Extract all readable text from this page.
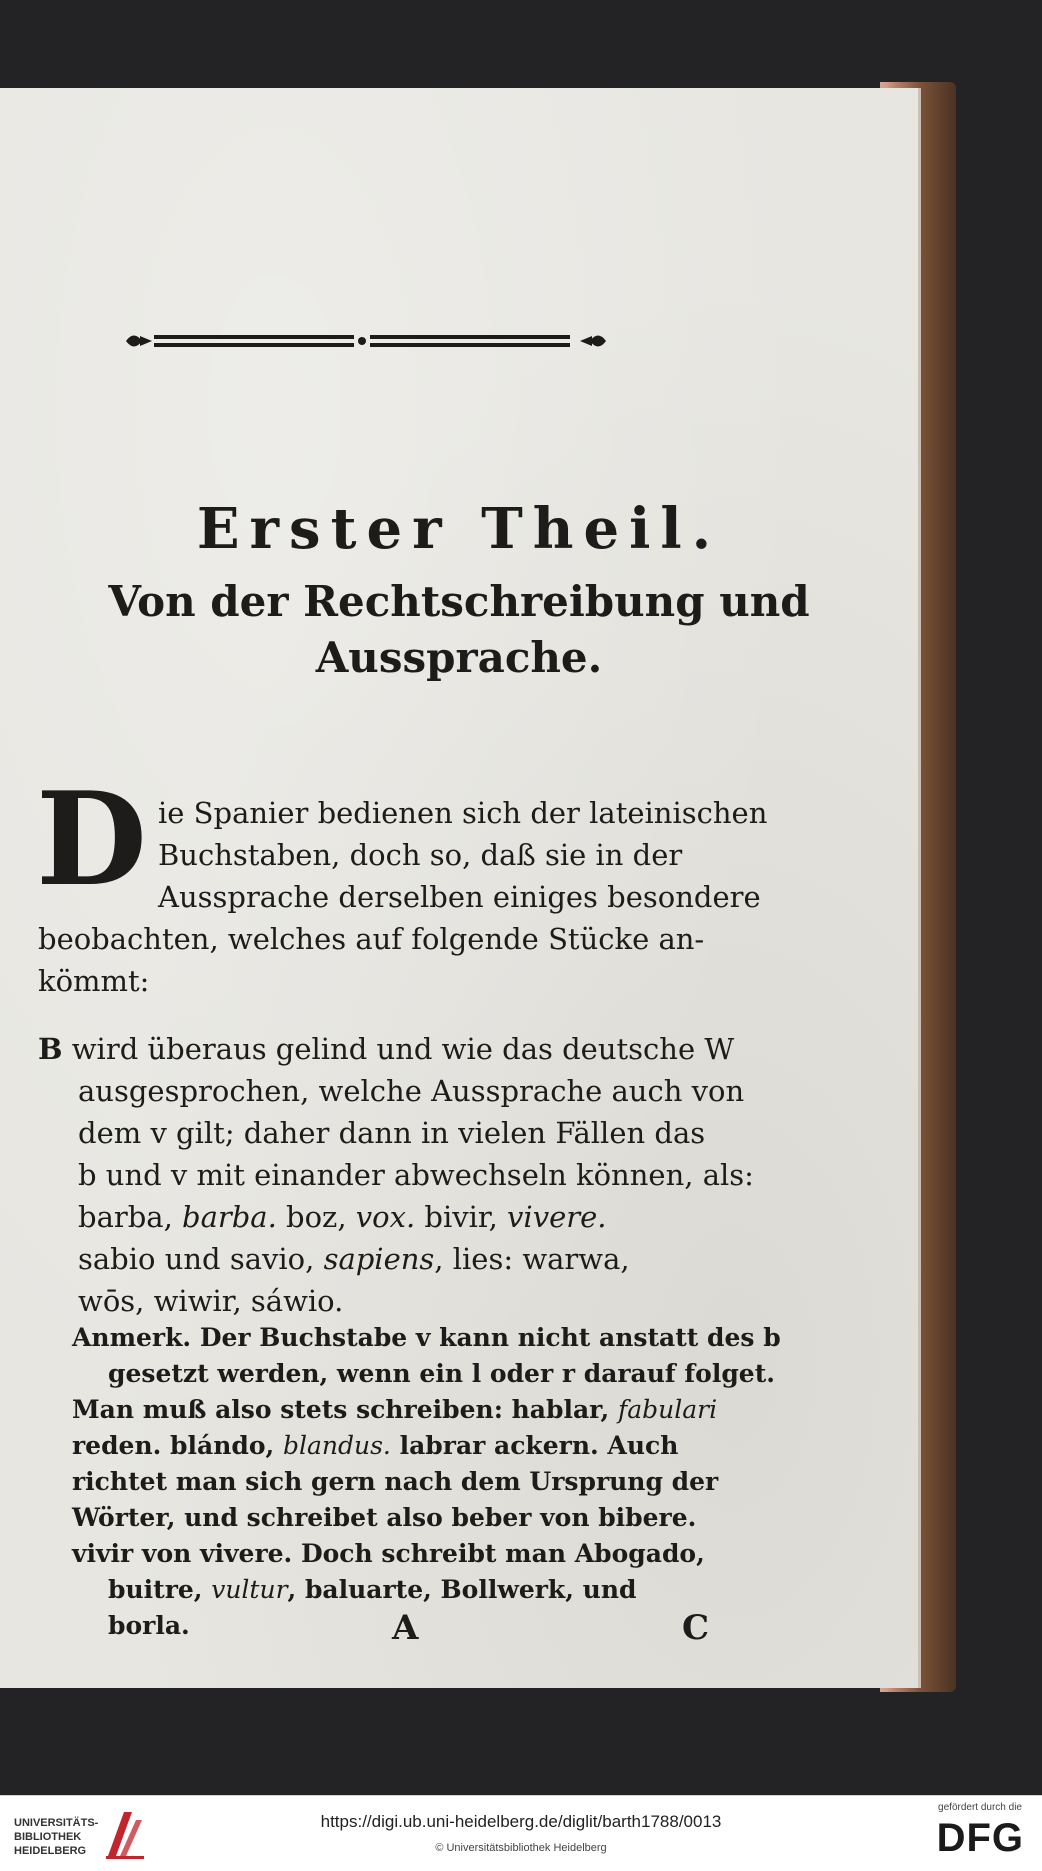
Erster Theil.
Von der Rechtschreibung und
Aussprache.
D ie Spanier bedienen sich der lateinischen
Buchstaben, doch so, daß sie in der
Aussprache derselben einiges besondere
beobachten, welches auf folgende Stücke an-
kömmt:
B wird überaus gelind und wie das deutsche W
ausgesprochen, welche Aussprache auch von
dem v gilt; daher dann in vielen Fällen das
b und v mit einander abwechseln können, als:
barba, barba. boz, vox. bivir, vivere.
sabio und savio, sapiens, lies: warwa,
wōs, wiwir, sáwio.
Anmerk. Der Buchstabe v kann nicht anstatt des b
gesetzt werden, wenn ein l oder r darauf folget.
Man muß also stets schreiben: hablar, fabulari
reden. blándo, blandus. labrar ackern. Auch
richtet man sich gern nach dem Ursprung der
Wörter, und schreibet also beber von bibere.
vivir von vivere. Doch schreibt man Abogado,
buitre, vultur, baluarte, Bollwerk, und
borla.	A	C
UNIVERSITÄTS-
BIBLIOTHEK
HEIDELBERG
https://digi.ub.uni-heidelberg.de/diglit/barth1788/0013
© Universitätsbibliothek Heidelberg
gefördert durch die
DFG
